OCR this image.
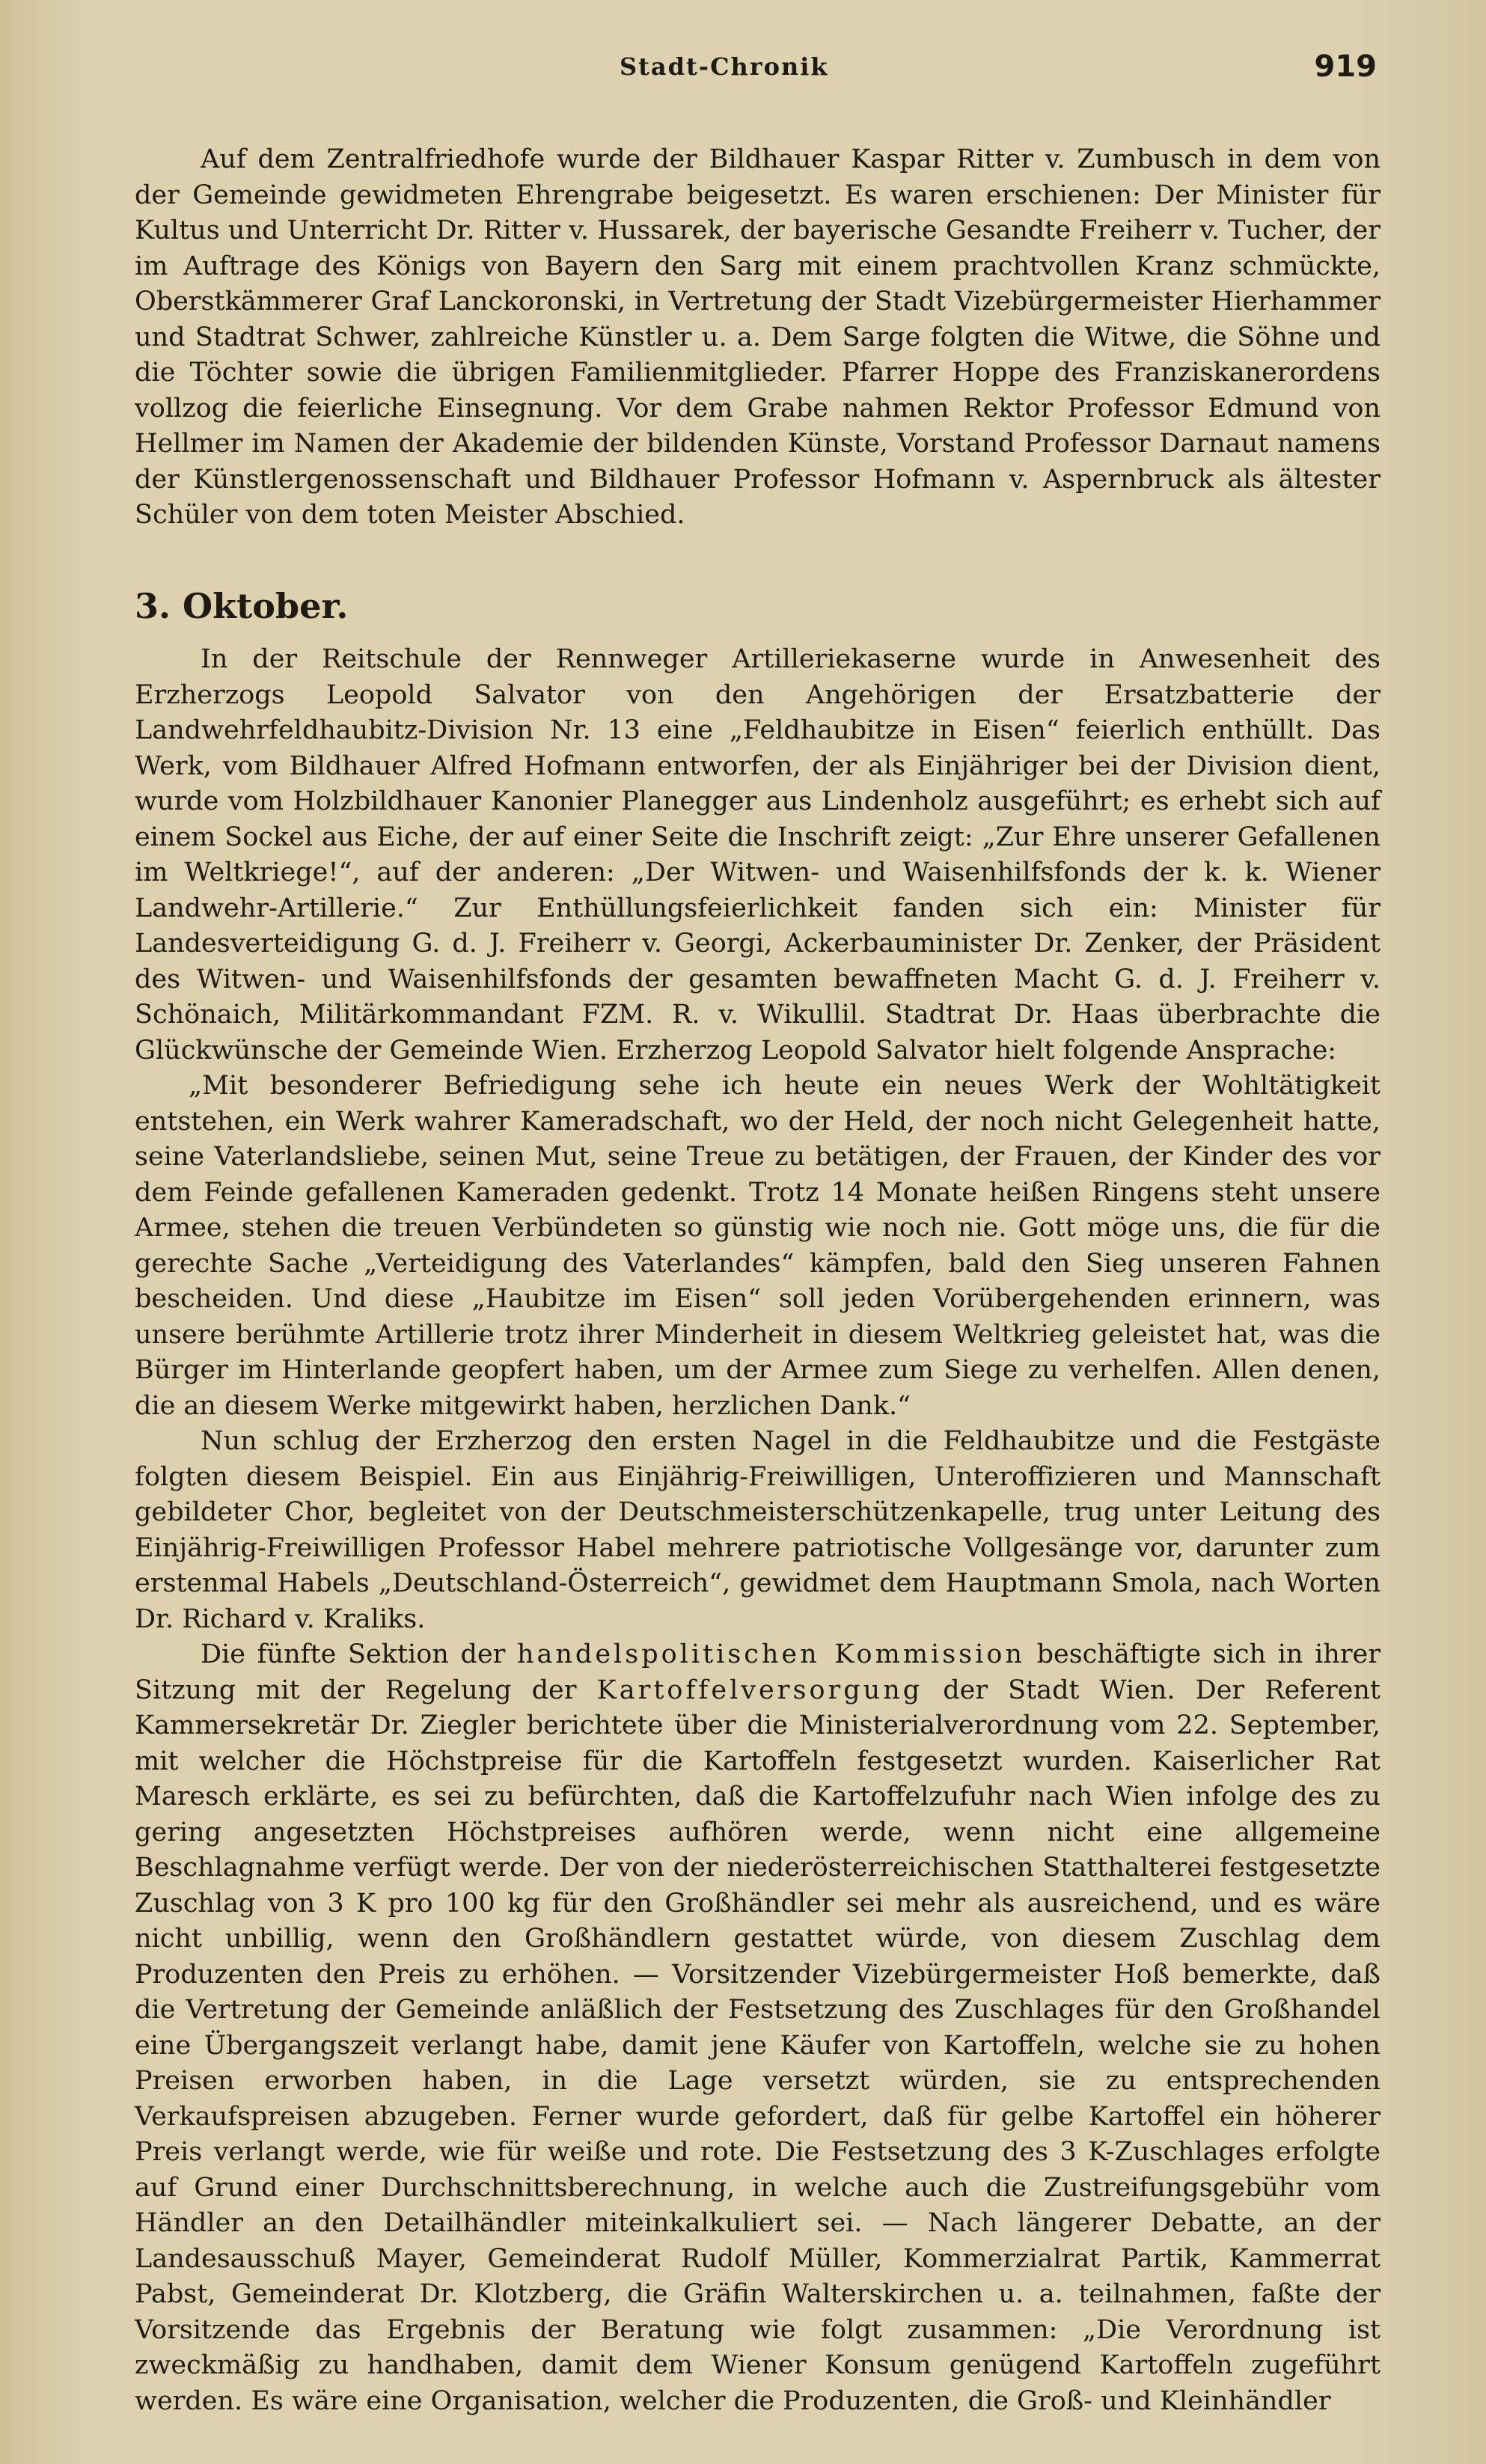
Stadt-Chronik	919

Auf dem Zentralfriedhofe wurde der Bildhauer Kaspar Ritter v. Zumbusch in dem von der Gemeinde gewidmeten Ehrengrabe beigesetzt. Es waren erschienen: Der Minister für Kultus und Unterricht Dr. Ritter v. Hussarek, der bayerische Gesandte Freiherr v. Tucher, der im Auftrage des Königs von Bayern den Sarg mit einem prachtvollen Kranz schmückte, Oberstkämmerer Graf Lanckoronski, in Vertretung der Stadt Vizebürgermeister Hierhammer und Stadtrat Schwer, zahlreiche Künstler u. a. Dem Sarge folgten die Witwe, die Söhne und die Töchter sowie die übrigen Familienmitglieder. Pfarrer Hoppe des Franziskanerordens vollzog die feierliche Einsegnung. Vor dem Grabe nahmen Rektor Professor Edmund von Hellmer im Namen der Akademie der bildenden Künste, Vorstand Professor Darnaut namens der Künstlergenossenschaft und Bildhauer Professor Hofmann v. Aspernbruck als ältester Schüler von dem toten Meister Abschied.

3. Oktober.

In der Reitschule der Rennweger Artilleriekaserne wurde in Anwesenheit des Erzherzogs Leopold Salvator von den Angehörigen der Ersatzbatterie der Landwehrfeldhaubitz-Division Nr. 13 eine „Feldhaubitze in Eisen“ feierlich enthüllt. Das Werk, vom Bildhauer Alfred Hofmann entworfen, der als Einjähriger bei der Division dient, wurde vom Holzbildhauer Kanonier Planegger aus Lindenholz ausgeführt; es erhebt sich auf einem Sockel aus Eiche, der auf einer Seite die Inschrift zeigt: „Zur Ehre unserer Gefallenen im Weltkriege!“, auf der anderen: „Der Witwen- und Waisenhilfsfonds der k. k. Wiener Landwehr-Artillerie.“ Zur Enthüllungsfeierlichkeit fanden sich ein: Minister für Landesverteidigung G. d. J. Freiherr v. Georgi, Ackerbauminister Dr. Zenker, der Präsident des Witwen- und Waisenhilfsfonds der gesamten bewaffneten Macht G. d. J. Freiherr v. Schönaich, Militärkommandant FZM. R. v. Wikullil. Stadtrat Dr. Haas überbrachte die Glückwünsche der Gemeinde Wien. Erzherzog Leopold Salvator hielt folgende Ansprache:

„Mit besonderer Befriedigung sehe ich heute ein neues Werk der Wohltätigkeit entstehen, ein Werk wahrer Kameradschaft, wo der Held, der noch nicht Gelegenheit hatte, seine Vaterlandsliebe, seinen Mut, seine Treue zu betätigen, der Frauen, der Kinder des vor dem Feinde gefallenen Kameraden gedenkt. Trotz 14 Monate heißen Ringens steht unsere Armee, stehen die treuen Verbündeten so günstig wie noch nie. Gott möge uns, die für die gerechte Sache „Verteidigung des Vaterlandes“ kämpfen, bald den Sieg unseren Fahnen bescheiden. Und diese „Haubitze im Eisen“ soll jeden Vorübergehenden erinnern, was unsere berühmte Artillerie trotz ihrer Minderheit in diesem Weltkrieg geleistet hat, was die Bürger im Hinterlande geopfert haben, um der Armee zum Siege zu verhelfen. Allen denen, die an diesem Werke mitgewirkt haben, herzlichen Dank.“

Nun schlug der Erzherzog den ersten Nagel in die Feldhaubitze und die Festgäste folgten diesem Beispiel. Ein aus Einjährig-Freiwilligen, Unteroffizieren und Mannschaft gebildeter Chor, begleitet von der Deutschmeisterschützenkapelle, trug unter Leitung des Einjährig-Freiwilligen Professor Habel mehrere patriotische Vollgesänge vor, darunter zum erstenmal Habels „Deutschland-Österreich“, gewidmet dem Hauptmann Smola, nach Worten Dr. Richard v. Kraliks.

Die fünfte Sektion der handelspolitischen Kommission beschäftigte sich in ihrer Sitzung mit der Regelung der Kartoffelversorgung der Stadt Wien. Der Referent Kammersekretär Dr. Ziegler berichtete über die Ministerialverordnung vom 22. September, mit welcher die Höchstpreise für die Kartoffeln festgesetzt wurden. Kaiserlicher Rat Maresch erklärte, es sei zu befürchten, daß die Kartoffelzufuhr nach Wien infolge des zu gering angesetzten Höchstpreises aufhören werde, wenn nicht eine allgemeine Beschlagnahme verfügt werde. Der von der niederösterreichischen Statthalterei festgesetzte Zuschlag von 3 K pro 100 kg für den Großhändler sei mehr als ausreichend, und es wäre nicht unbillig, wenn den Großhändlern gestattet würde, von diesem Zuschlag dem Produzenten den Preis zu erhöhen. — Vorsitzender Vizebürgermeister Hoß bemerkte, daß die Vertretung der Gemeinde anläßlich der Festsetzung des Zuschlages für den Großhandel eine Übergangszeit verlangt habe, damit jene Käufer von Kartoffeln, welche sie zu hohen Preisen erworben haben, in die Lage versetzt würden, sie zu entsprechenden Verkaufspreisen abzugeben. Ferner wurde gefordert, daß für gelbe Kartoffel ein höherer Preis verlangt werde, wie für weiße und rote. Die Festsetzung des 3 K-Zuschlages erfolgte auf Grund einer Durchschnittsberechnung, in welche auch die Zustreifungsgebühr vom Händler an den Detailhändler miteinkalkuliert sei. — Nach längerer Debatte, an der Landesausschuß Mayer, Gemeinderat Rudolf Müller, Kommerzialrat Partik, Kammerrat Pabst, Gemeinderat Dr. Klotzberg, die Gräfin Walterskirchen u. a. teilnahmen, faßte der Vorsitzende das Ergebnis der Beratung wie folgt zusammen: „Die Verordnung ist zweckmäßig zu handhaben, damit dem Wiener Konsum genügend Kartoffeln zugeführt werden. Es wäre eine Organisation, welcher die Produzenten, die Groß- und Kleinhändler
